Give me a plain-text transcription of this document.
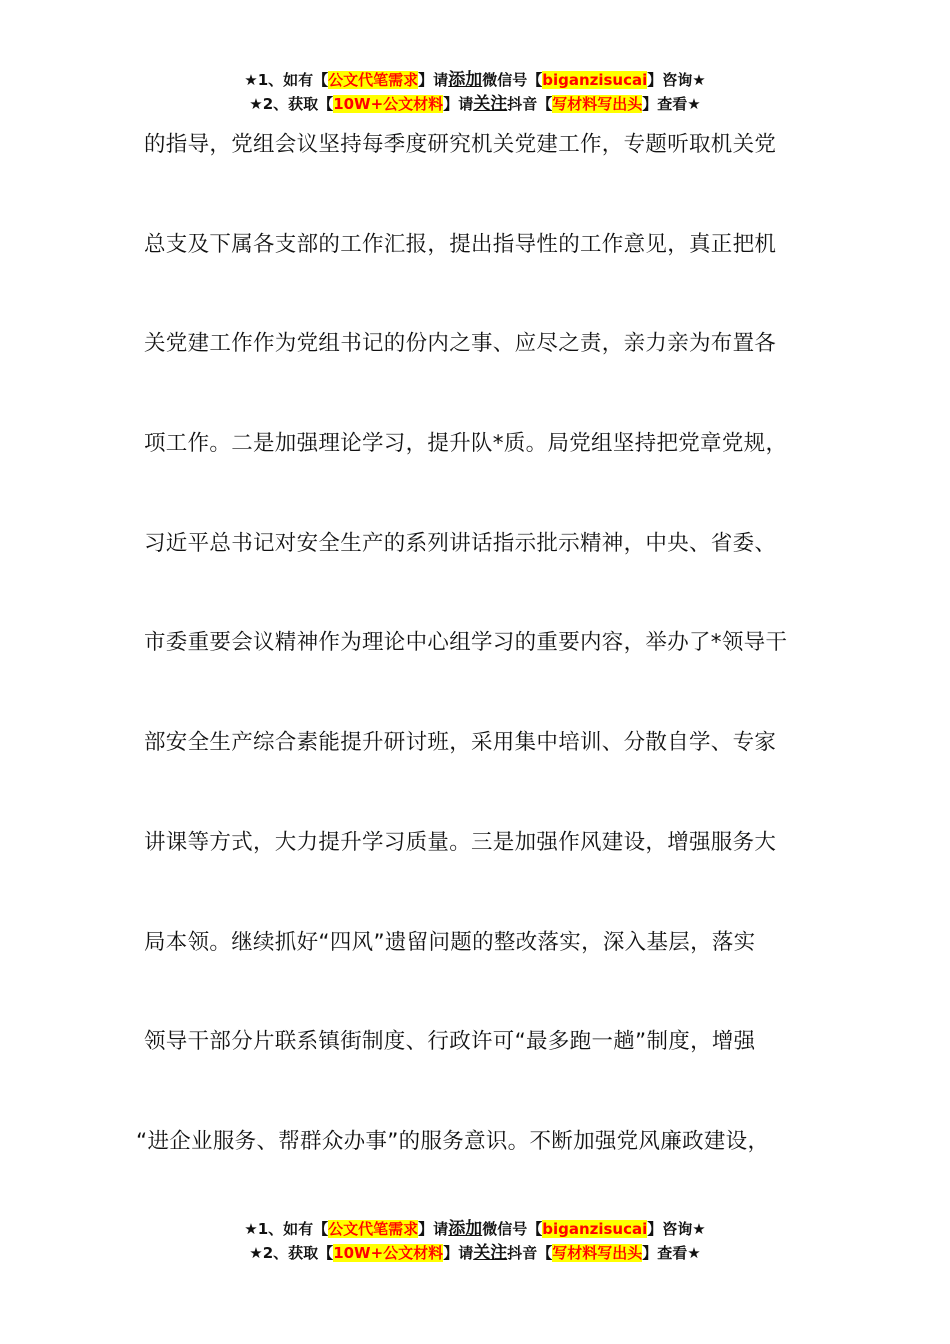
★1、如有【公文代笔需求】请添加微信号【biganzisucai】咨询★
★2、获取【10W+公文材料】请关注抖音【写材料写出头】查看★
的指导，党组会议坚持每季度研究机关党建工作，专题听取机关党
总支及下属各支部的工作汇报，提出指导性的工作意见，真正把机
关党建工作作为党组书记的份内之事、应尽之责，亲力亲为布置各
项工作。二是加强理论学习，提升队*质。局党组坚持把党章党规，
习近平总书记对安全生产的系列讲话指示批示精神，中央、省委、
市委重要会议精神作为理论中心组学习的重要内容，举办了*领导干
部安全生产综合素能提升研讨班，采用集中培训、分散自学、专家
讲课等方式，大力提升学习质量。三是加强作风建设，增强服务大
局本领。继续抓好“四风”遗留问题的整改落实，深入基层，落实
领导干部分片联系镇街制度、行政许可“最多跑一趟”制度，增强
“进企业服务、帮群众办事”的服务意识。不断加强党风廉政建设，
★1、如有【公文代笔需求】请添加微信号【biganzisucai】咨询★
★2、获取【10W+公文材料】请关注抖音【写材料写出头】查看★
